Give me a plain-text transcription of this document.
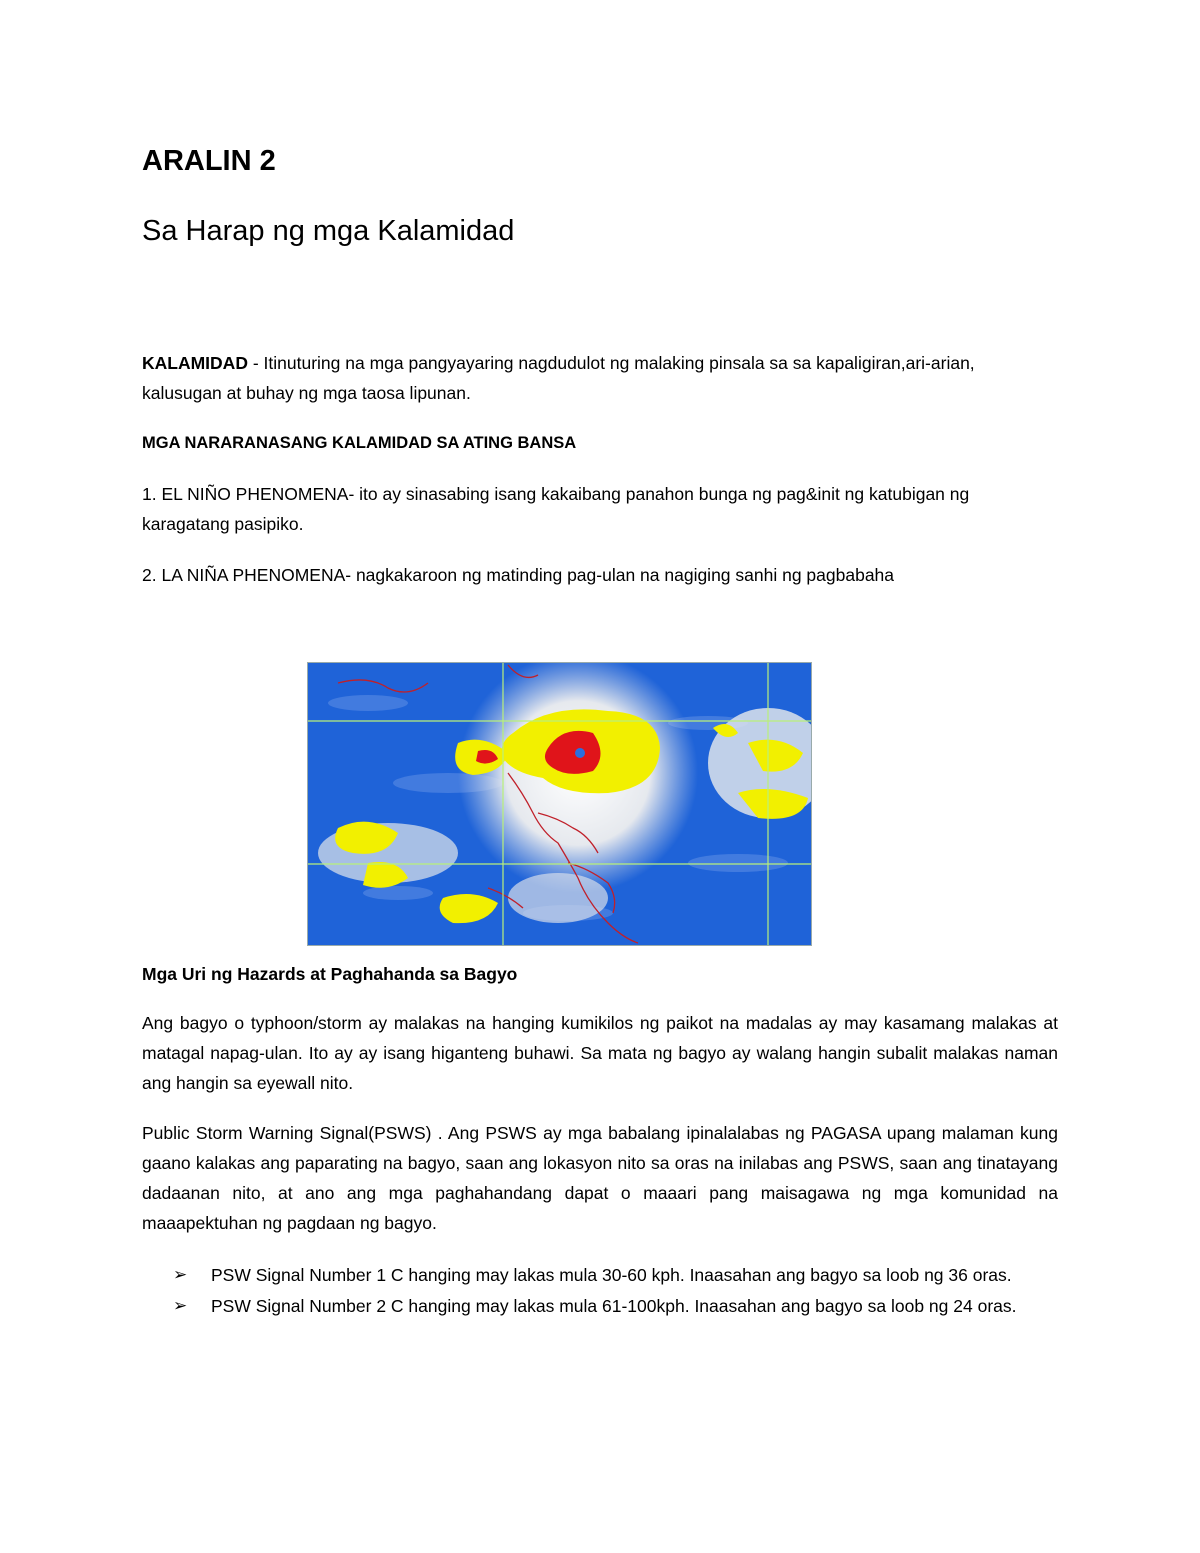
ARALIN 2
Sa Harap ng mga Kalamidad
KALAMIDAD - Itinuturing na mga pangyayaring nagdudulot ng malaking pinsala sa sa kapaligiran,ari-arian, kalusugan at buhay ng mga taosa lipunan.
MGA NARARANASANG KALAMIDAD SA ATING BANSA
1. EL NIÑO PHENOMENA- ito ay sinasabing isang kakaibang panahon bunga ng pag&init ng katubigan ng karagatang pasipiko.
2. LA NIÑA PHENOMENA- nagkakaroon ng matinding pag-ulan na nagiging sanhi ng pagbabaha
Mga Uri ng Hazards at Paghahanda sa Bagyo
Ang bagyo o typhoon/storm ay malakas na hanging kumikilos ng paikot na madalas ay may kasamang malakas at matagal napag-ulan. Ito ay ay isang higanteng buhawi. Sa mata ng bagyo ay walang hangin subalit malakas naman ang hangin sa eyewall nito.
Public Storm Warning Signal(PSWS) . Ang PSWS ay mga babalang ipinalalabas ng PAGASA upang malaman kung gaano kalakas ang paparating na bagyo, saan ang lokasyon nito sa oras na inilabas ang PSWS, saan ang tinatayang dadaanan nito, at ano ang mga paghahandang dapat o maaari pang maisagawa ng mga komunidad na maaapektuhan ng pagdaan ng bagyo.
➢ PSW Signal Number 1 C hanging may lakas mula 30-60 kph. Inaasahan ang bagyo sa loob ng 36 oras.
➢ PSW Signal Number 2 C hanging may lakas mula 61-100kph. Inaasahan ang bagyo sa loob ng 24 oras.
